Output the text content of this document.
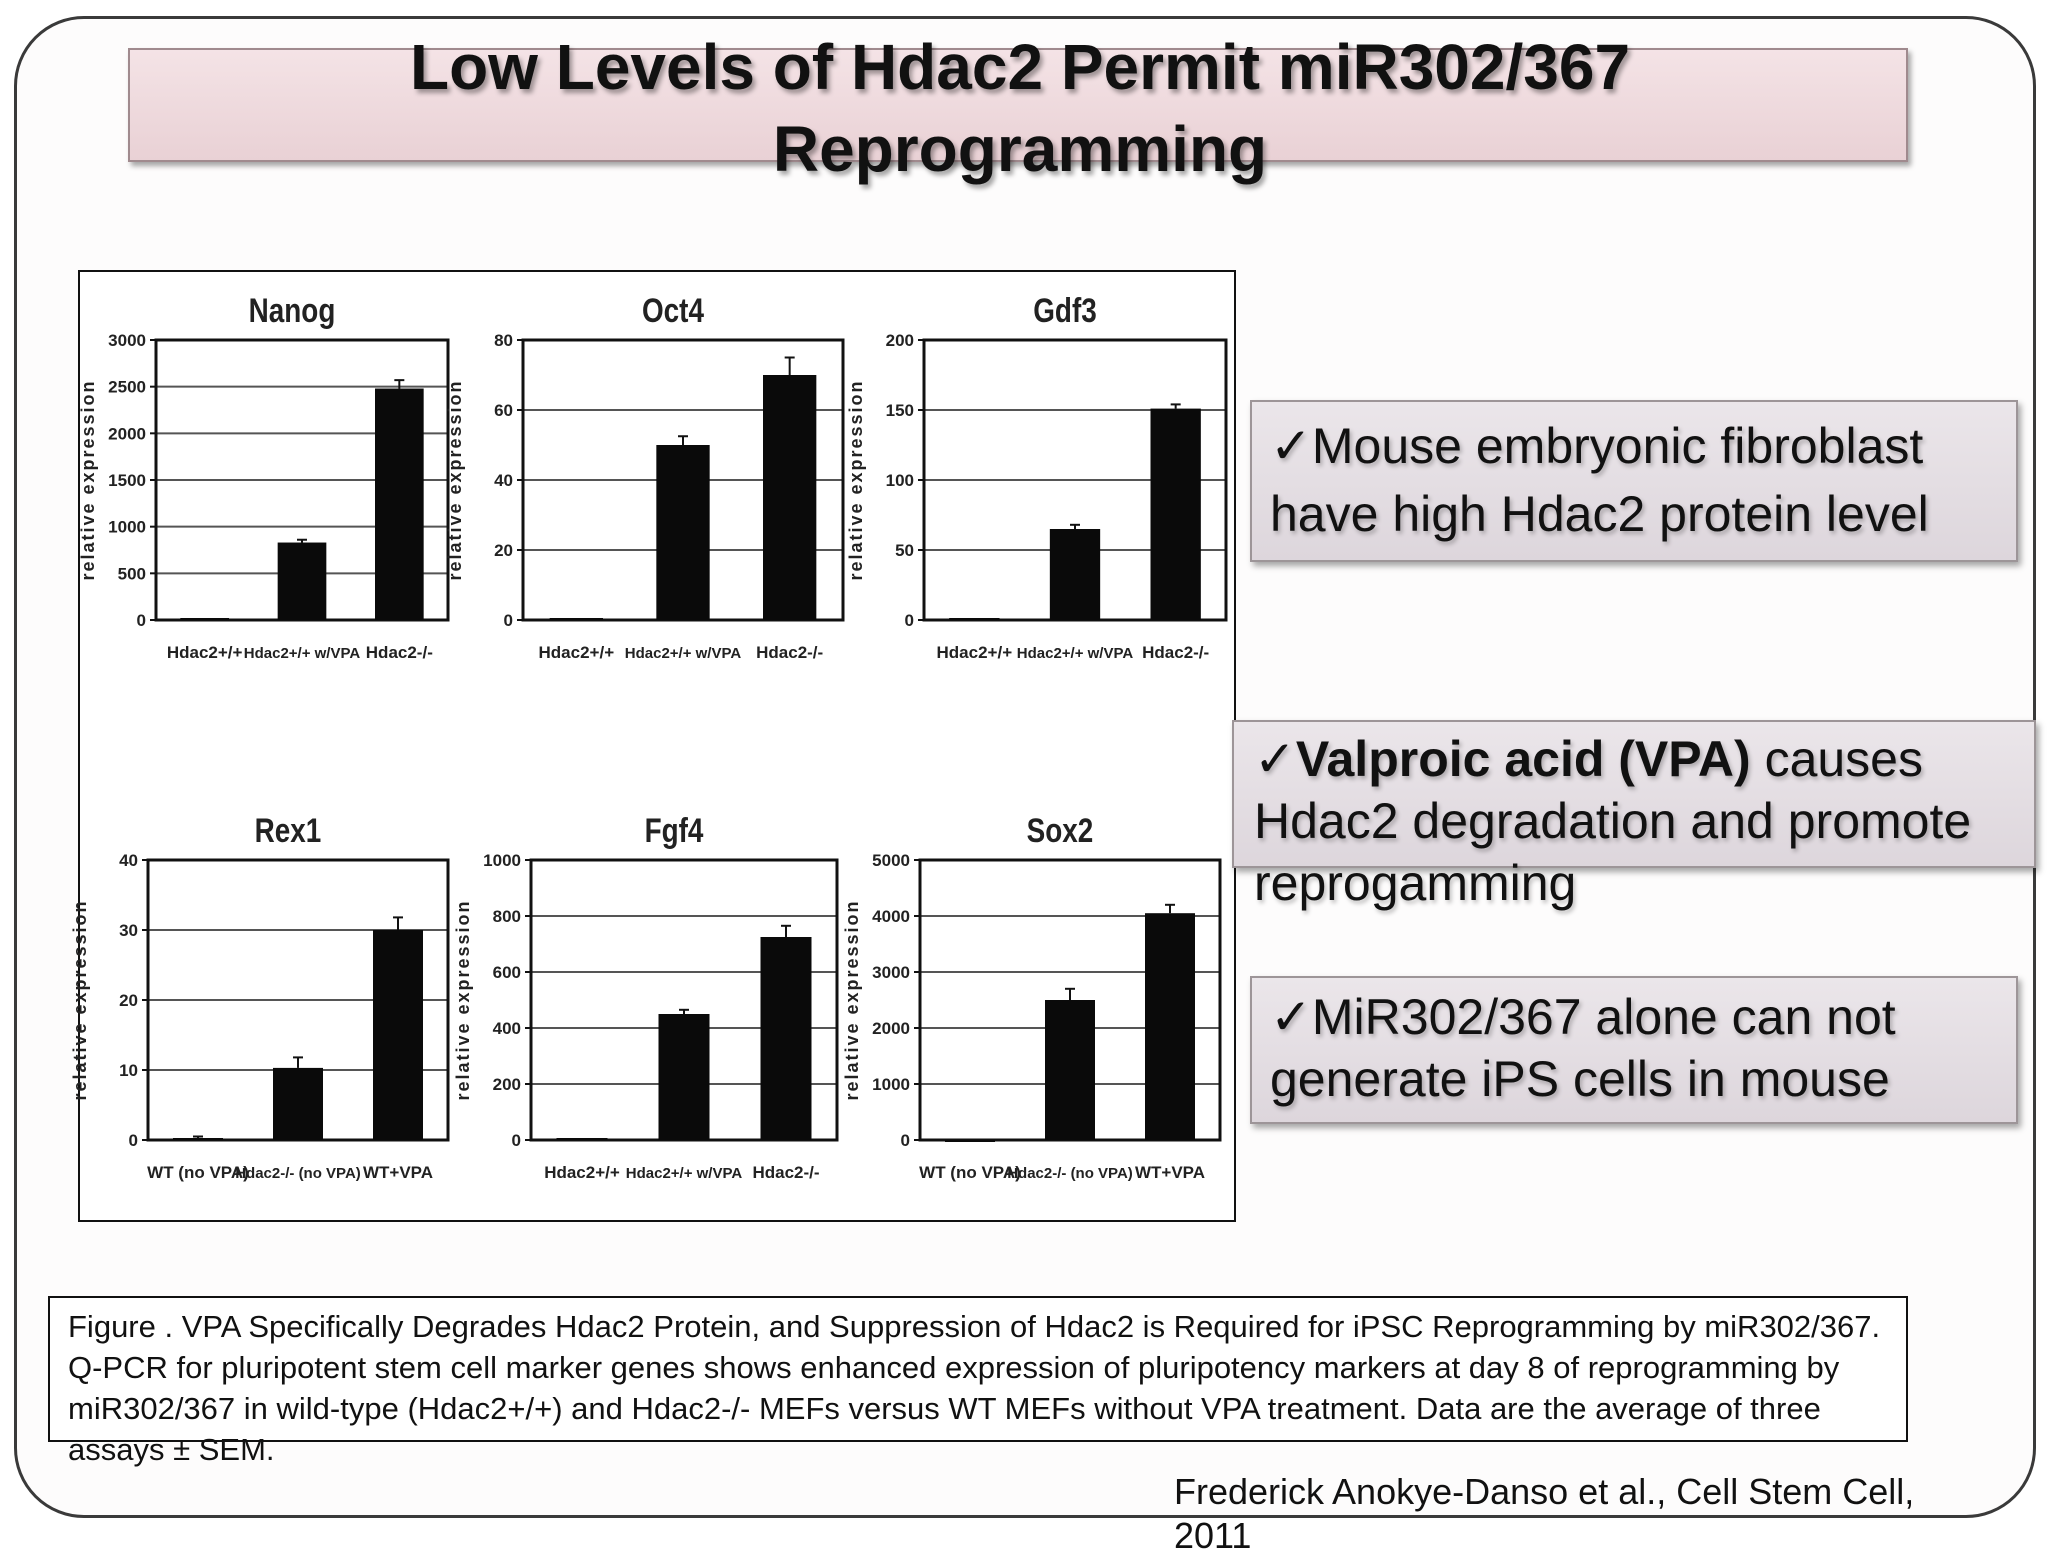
Low Levels of Hdac2 Permit miR302/367
Reprogramming
Nanog
0
500
1000
1500
2000
2500
3000
relative expression
Hdac2+/+ Hdac2+/+ w/VPA Hdac2-/-
Oct4
0
20
40
60
80
relative expression
Hdac2+/+ Hdac2+/+ w/VPA Hdac2-/-
Gdf3
0
50
100
150
200
relative expression
Hdac2+/+ Hdac2+/+ w/VPA Hdac2-/-
Rex1
0
10
20
30
40
relative expression
WT (no VPA)
Hdac2-/- (no VPA) WT+VPA
Fgf4
0
200
400
600
800
1000
relative expression
Hdac2+/+ Hdac2+/+ w/VPA Hdac2-/-
Sox2
0
1000
2000
3000
4000
5000
relative expression
WT (no VPA)
Hdac2-/- (no VPA) WT+VPA
✓Mouse embryonic fibroblast have high Hdac2 protein level
✓Valproic acid (VPA) causes Hdac2 degradation and promote reprogamming
✓MiR302/367 alone can not generate iPS cells in mouse
Figure . VPA Specifically Degrades Hdac2 Protein, and Suppression of Hdac2 is Required for iPSC Reprogramming by miR302/367. Q-PCR for pluripotent stem cell marker genes shows enhanced expression of pluripotency markers at day 8 of reprogramming by miR302/367 in wild-type (Hdac2+/+) and Hdac2-/- MEFs versus WT MEFs without VPA treatment. Data are the average of three assays ± SEM.
Frederick Anokye-Danso et al., Cell Stem Cell,
2011
